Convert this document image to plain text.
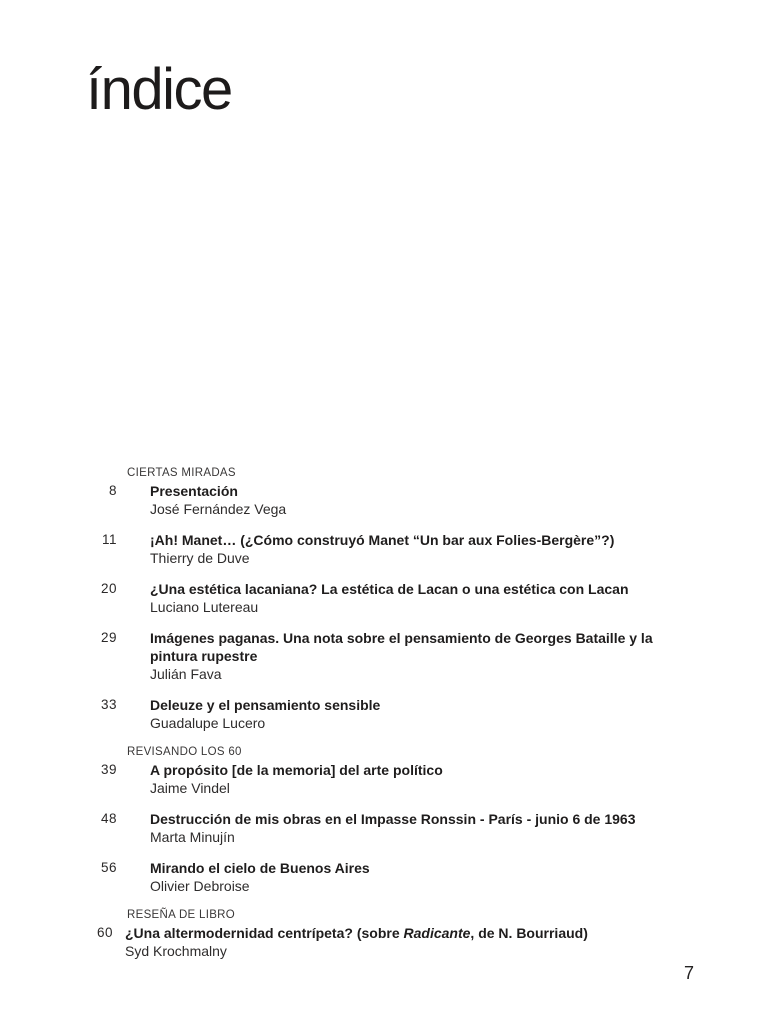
índice
CIERTAS MIRADAS
8 Presentación
José Fernández Vega
11 ¡Ah! Manet… (¿Cómo construyó Manet “Un bar aux Folies-Bergère”?)
Thierry de Duve
20 ¿Una estética lacaniana? La estética de Lacan o una estética con Lacan
Luciano Lutereau
29 Imágenes paganas. Una nota sobre el pensamiento de Georges Bataille y la pintura rupestre
Julián Fava
33 Deleuze y el pensamiento sensible
Guadalupe Lucero
REVISANDO LOS 60
39 A propósito [de la memoria] del arte político
Jaime Vindel
48 Destrucción de mis obras en el Impasse Ronssin - París - junio 6 de 1963
Marta Minujín
56 Mirando el cielo de Buenos Aires
Olivier Debroise
RESEÑA DE LIBRO
60 ¿Una altermodernidad centrípeta? (sobre Radicante, de N. Bourriaud)
Syd Krochmalny
7
